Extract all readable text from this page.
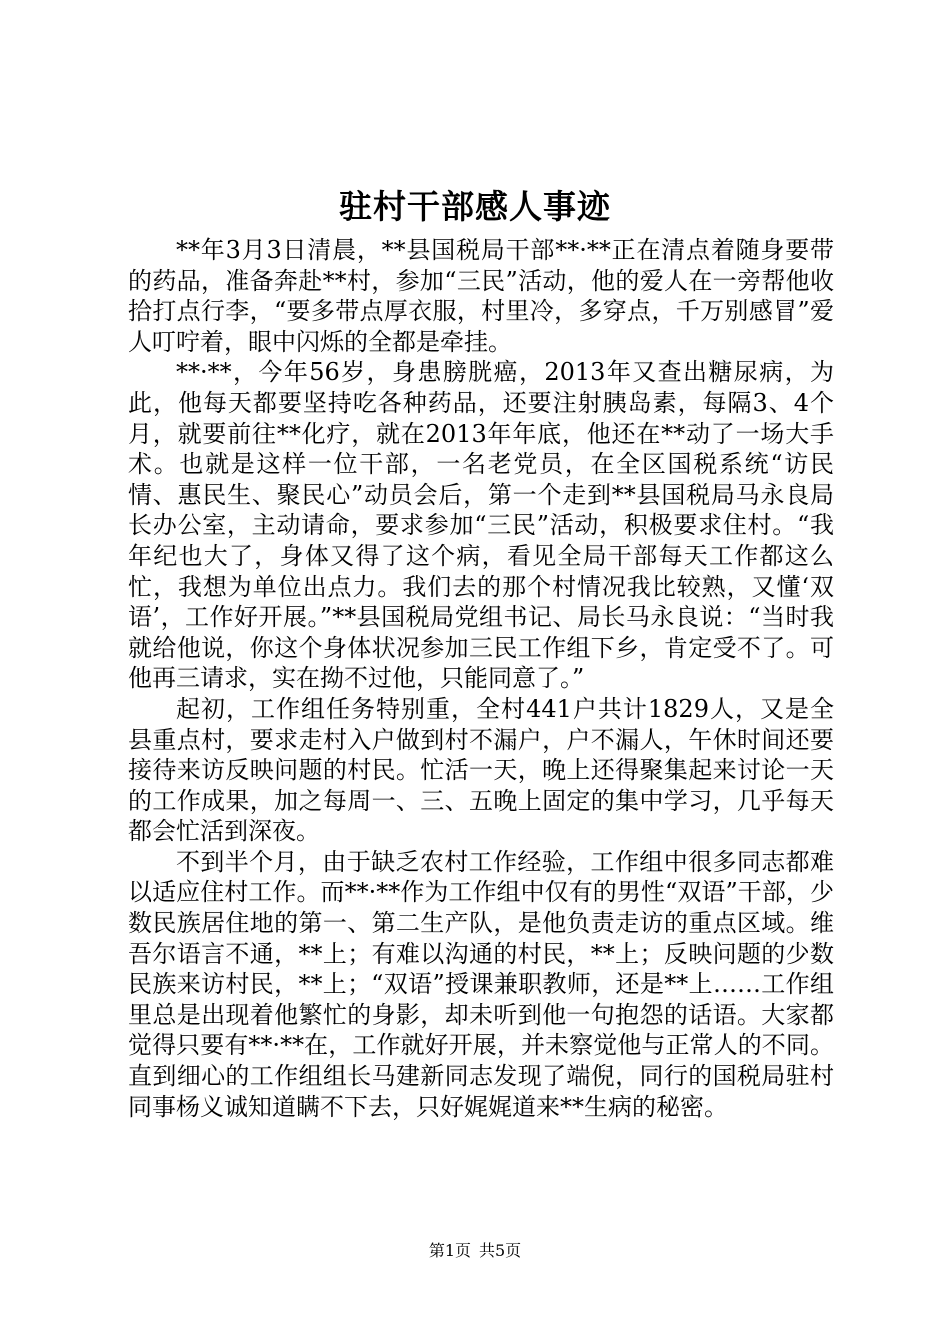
驻村干部感人事迹

**年3月3日清晨，**县国税局干部**·**正在清点着随身要带的药品，准备奔赴**村，参加“三民”活动，他的爱人在一旁帮他收拾打点行李，“要多带点厚衣服，村里冷，多穿点，千万别感冒”爱人叮咛着，眼中闪烁的全都是牵挂。

**·**，今年56岁，身患膀胱癌，2013年又查出糖尿病，为此，他每天都要坚持吃各种药品，还要注射胰岛素，每隔3、4个月，就要前往**化疗，就在2013年年底，他还在**动了一场大手术。也就是这样一位干部，一名老党员，在全区国税系统“访民情、惠民生、聚民心”动员会后，第一个走到**县国税局马永良局长办公室，主动请命，要求参加“三民”活动，积极要求住村。“我年纪也大了，身体又得了这个病，看见全局干部每天工作都这么忙，我想为单位出点力。我们去的那个村情况我比较熟，又懂‘双语’，工作好开展。”**县国税局党组书记、局长马永良说：“当时我就给他说，你这个身体状况参加三民工作组下乡，肯定受不了。可他再三请求，实在拗不过他，只能同意了。”

起初，工作组任务特别重，全村441户共计1829人，又是全县重点村，要求走村入户做到村不漏户，户不漏人，午休时间还要接待来访反映问题的村民。忙活一天，晚上还得聚集起来讨论一天的工作成果，加之每周一、三、五晚上固定的集中学习，几乎每天都会忙活到深夜。

不到半个月，由于缺乏农村工作经验，工作组中很多同志都难以适应住村工作。而**·**作为工作组中仅有的男性“双语”干部，少数民族居住地的第一、第二生产队，是他负责走访的重点区域。维吾尔语言不通，**上；有难以沟通的村民，**上；反映问题的少数民族来访村民，**上；“双语”授课兼职教师，还是**上……工作组里总是出现着他繁忙的身影，却未听到他一句抱怨的话语。大家都觉得只要有**·**在，工作就好开展，并未察觉他与正常人的不同。直到细心的工作组组长马建新同志发现了端倪，同行的国税局驻村同事杨义诚知道瞒不下去，只好娓娓道来**生病的秘密。

第1页 共5页
